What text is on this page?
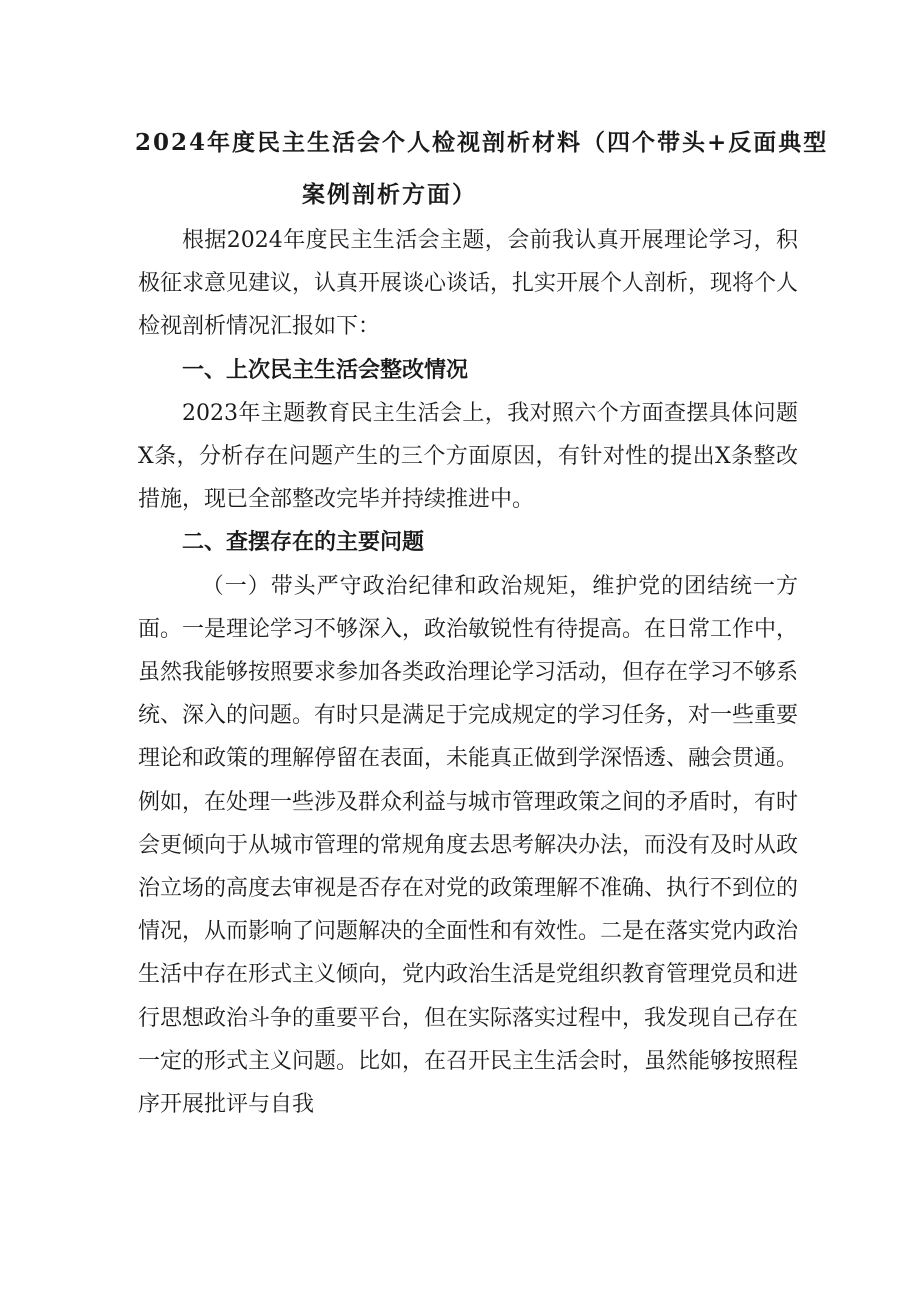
2024年度民主生活会个人检视剖析材料（四个带头+反面典型
案例剖析方面）

根据2024年度民主生活会主题，会前我认真开展理论学习，积极征求意见建议，认真开展谈心谈话，扎实开展个人剖析，现将个人检视剖析情况汇报如下：

一、上次民主生活会整改情况

2023年主题教育民主生活会上，我对照六个方面查摆具体问题X条，分析存在问题产生的三个方面原因，有针对性的提出X条整改措施，现已全部整改完毕并持续推进中。

二、查摆存在的主要问题

（一）带头严守政治纪律和政治规矩，维护党的团结统一方面。一是理论学习不够深入，政治敏锐性有待提高。在日常工作中，虽然我能够按照要求参加各类政治理论学习活动，但存在学习不够系统、深入的问题。有时只是满足于完成规定的学习任务，对一些重要理论和政策的理解停留在表面，未能真正做到学深悟透、融会贯通。例如，在处理一些涉及群众利益与城市管理政策之间的矛盾时，有时会更倾向于从城市管理的常规角度去思考解决办法，而没有及时从政治立场的高度去审视是否存在对党的政策理解不准确、执行不到位的情况，从而影响了问题解决的全面性和有效性。二是在落实党内政治生活中存在形式主义倾向，党内政治生活是党组织教育管理党员和进行思想政治斗争的重要平台，但在实际落实过程中，我发现自己存在一定的形式主义问题。比如，在召开民主生活会时，虽然能够按照程序开展批评与自我
